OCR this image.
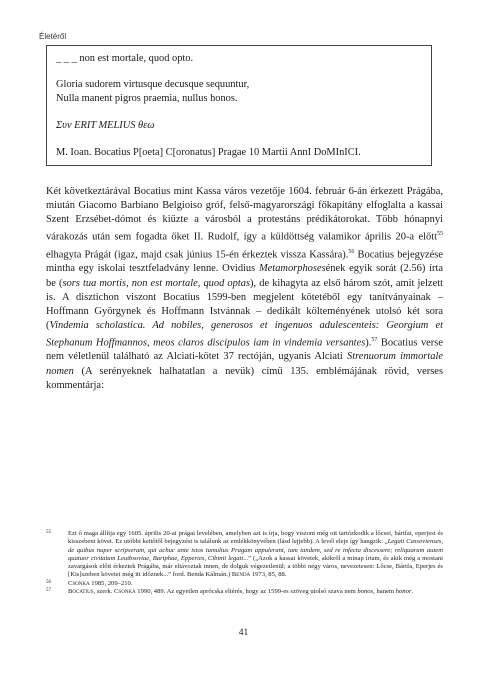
Életéről
_ _ _ non est mortale, quod opto.
Gloria sudorem virtusque decusque sequuntur,
Nulla manent pigros praemia, nullus honos.
Συν ERIT MELIUS θεω
M. Ioan. Bocatius P[oeta] C[oronatus] Pragae 10 Martii AnnI DoMInICI.

Két következtárával Bocatius mint Kassa város vezetője 1604. február 6-án érkezett Prágába, miután Giacomo Barbiano Belgioiso gróf, felső-magyarországi főkapitány elfoglalta a kassai Szent Erzsébet-dómot és kiűzte a városból a protestáns prédikátorokat. Több hónapnyi várakozás után sem fogadta őket II. Rudolf, így a küldöttség valamikor április 20-a előtt$^{55}$ elhagyta Prágát (igaz, majd csak június 15-én érkeztek vissza Kassára).$^{56}$ Bocatius bejegyzése mintha egy iskolai tesztfeladvány lenne. Ovidius Metamorphosesének egyik sorát (2.56) írta be (sors tua mortis, non est mortale, quod optas), de kihagyta az első három szót, amit jelzett is. A disztichon viszont Bocatius 1599-ben megjelent kötetéből egy tanítványainak – Hoffmann Györgynek és Hoffmann Istvánnak – dedikált költeményének utolsó két sora (Vindemia scholastica. Ad nobiles, generosos et ingenuos adulescenteis: Georgium et Stephanum Hoffmannos, meos claros discipulos iam in vindemia versantes).$^{57}$ Bocatius verse nem véletlenül található az Alciati-kötet 37 rectóján, ugyanis Alciati Strenuorum immortale nomen (A serényeknek halhatatlan a nevük) című 135. emblémájának rövid, verses kommentárja:

55	Ezt ő maga állítja egy 1605. április 20-ai prágai levelében, amelyben azt is írja, hogy viszont még ott tartózkodik a lőcsei, bártfai, eperjesi és kisszebeni követ. Ez utóbbi kettőtől bejegyzést is találunk az emlékkönyvében (lásd lejjebb). A levél eleje így hangzik: „Legati Cassovienses, de quibus nuper scripseram, qui achuc ante istos tumultus Pragam appulerant, iam tandem, sed re infecta discessere; reliquarum autem quatuor civitatum Leutbsoviae, Bartphae, Epperies, Cibinii legati...” („Azok a kassai követek, akikről a minap írtam, és akik még a mostani zavargások előtt érkeztek Prágába, már eltávoztak innen, de dolguk végezetlenül; a többi négy város, nevezetesen: Lőcse, Bártfa, Eperjes és [Kis]szeben követei még itt időznek...” ford. Benda Kálmán.) Benda 1973, 85, 88.

56	Csonka 1985, 209–210.

57	Bocatius, szerk. Csonka 1990, 489. Az egyetlen aprócska eltérés, hogy az 1599-es szöveg utolsó szava nem bonos, hanem honor.

41
